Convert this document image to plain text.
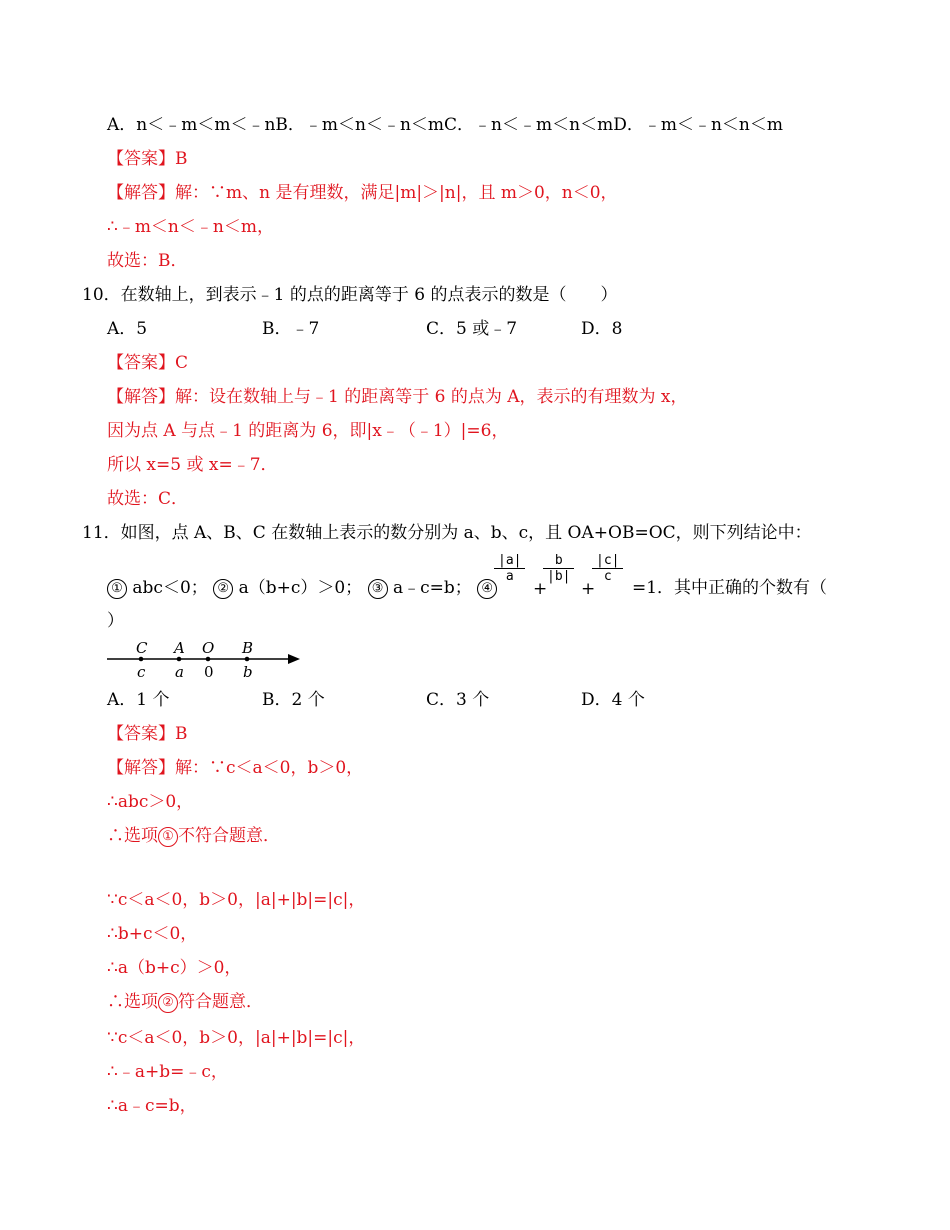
A．n＜﹣m＜m＜﹣nB．﹣m＜n＜﹣n＜mC．﹣n＜﹣m＜n＜mD．﹣m＜﹣n＜n＜m
【答案】B
【解答】解：∵m、n 是有理数，满足|m|＞|n|，且 m＞0，n＜0，
∴﹣m＜n＜﹣n＜m，
故选：B．
10．在数轴上，到表示﹣1 的点的距离等于 6 的点表示的数是（　　）
A．5	B．﹣7	C．5 或﹣7	D．8
【答案】C
【解答】解：设在数轴上与﹣1 的距离等于 6 的点为 A，表示的有理数为 x，
因为点 A 与点﹣1 的距离为 6，即|x﹣（﹣1）|=6，
所以 x=5 或 x=﹣7．
故选：C．
11．如图，点 A、B、C 在数轴上表示的数分别为 a、b、c，且 OA+OB=OC，则下列结论中：
① abc＜0； ② a（b+c）＞0； ③ a﹣c=b； ④
$\frac{|a|}{a}$
+
$\frac{b}{|b|}$
+
$\frac{|c|}{c}$
=1．其中正确的个数有（
）
C A O B
c a 0 b
A．1 个	B．2 个	C．3 个	D．4 个
【答案】B
【解答】解：∵c＜a＜0，b＞0，
∴abc＞0，
∴选项 ① 不符合题意．
∵c＜a＜0，b＞0，|a|+|b|=|c|，
∴b+c＜0，
∴a（b+c）＞0，
∴选项 ② 符合题意．
∵c＜a＜0，b＞0，|a|+|b|=|c|，
∴﹣a+b=﹣c，
∴a﹣c=b，
